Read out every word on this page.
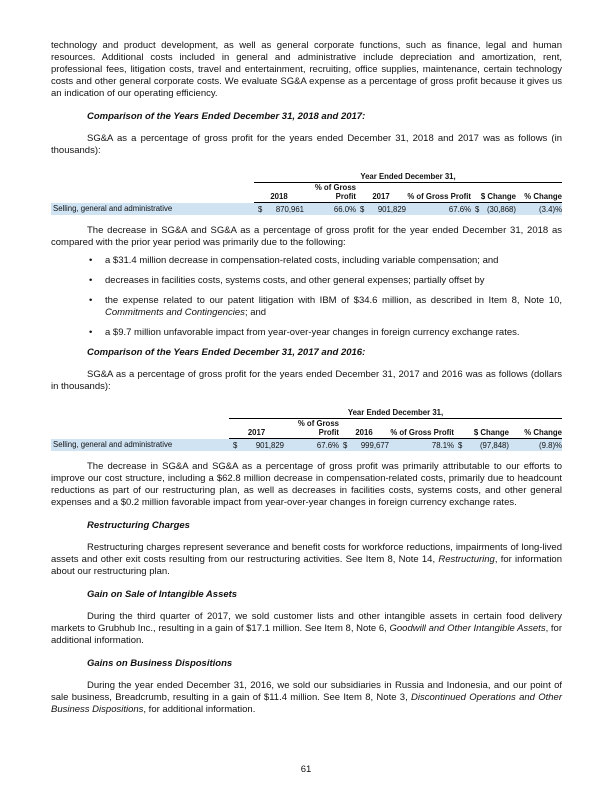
technology and product development, as well as general corporate functions, such as finance, legal and human resources. Additional costs included in general and administrative include depreciation and amortization, rent, professional fees, litigation costs, travel and entertainment, recruiting, office supplies, maintenance, certain technology costs and other general corporate costs. We evaluate SG&A expense as a percentage of gross profit because it gives us an indication of our operating efficiency.

Comparison of the Years Ended December 31, 2018 and 2017:

SG&A as a percentage of gross profit for the years ended December 31, 2018 and 2017 was as follows (in thousands):

		Year Ended December 31,								
		2018		% of Gross Profit	2017		% of Gross Profit	$ Change		% Change
Selling, general and administrative		$	870,961	66.0%	$	901,829	67.6%	$	(30,868)	(3.4)%

The decrease in SG&A and SG&A as a percentage of gross profit for the year ended December 31, 2018 as compared with the prior year period was primarily due to the following:

• a $31.4 million decrease in compensation-related costs, including variable compensation; and
• decreases in facilities costs, systems costs, and other general expenses; partially offset by
• the expense related to our patent litigation with IBM of $34.6 million, as described in Item 8, Note 10, Commitments and Contingencies; and
• a $9.7 million unfavorable impact from year-over-year changes in foreign currency exchange rates.

Comparison of the Years Ended December 31, 2017 and 2016:

SG&A as a percentage of gross profit for the years ended December 31, 2017 and 2016 was as follows (dollars in thousands):

		Year Ended December 31,								
		2017		% of Gross Profit	2016		% of Gross Profit	$ Change		% Change
Selling, general and administrative		$	901,829	67.6%	$	999,677	78.1%	$	(97,848)	(9.8)%

The decrease in SG&A and SG&A as a percentage of gross profit was primarily attributable to our efforts to improve our cost structure, including a $62.8 million decrease in compensation-related costs, primarily due to headcount reductions as part of our restructuring plan, as well as decreases in facilities costs, systems costs, and other general expenses and a $0.2 million favorable impact from year-over-year changes in foreign currency exchange rates.

Restructuring Charges

Restructuring charges represent severance and benefit costs for workforce reductions, impairments of long-lived assets and other exit costs resulting from our restructuring activities. See Item 8, Note 14, Restructuring, for information about our restructuring plan.

Gain on Sale of Intangible Assets

During the third quarter of 2017, we sold customer lists and other intangible assets in certain food delivery markets to Grubhub Inc., resulting in a gain of $17.1 million. See Item 8, Note 6, Goodwill and Other Intangible Assets, for additional information.

Gains on Business Dispositions

During the year ended December 31, 2016, we sold our subsidiaries in Russia and Indonesia, and our point of sale business, Breadcrumb, resulting in a gain of $11.4 million. See Item 8, Note 3, Discontinued Operations and Other Business Dispositions, for additional information.

61
